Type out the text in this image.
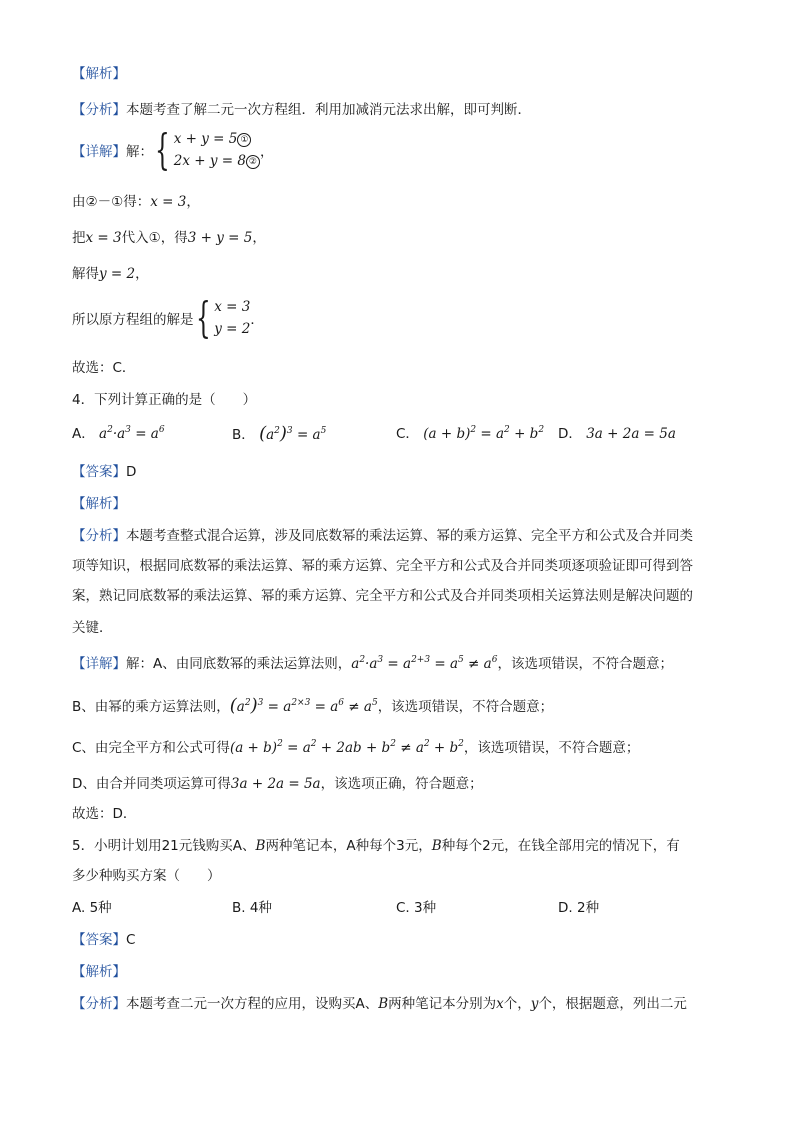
【解析】
【分析】本题考查了解二元一次方程组．利用加减消元法求出解，即可判断．
【详解】 解： { x + y = 5 ①
2x + y = 8 ②
，
由②－①得：x = 3，
把x = 3代入①，得3 + y = 5，
解得y = 2，
所以原方程组的解是 { x = 3
y = 2
．
故选：C．
4．下列计算正确的是（　　）
A． $a^2\cdot a^3 = a^6$	B． $(a^2)^3 = a^5$	C． $(a + b)^2 = a^2 + b^2$ D． 3a + 2a = 5a
【答案】D
【解析】
【分析】本题考查整式混合运算，涉及同底数幂的乘法运算、幂的乘方运算、完全平方和公式及合并同类
项等知识，根据同底数幂的乘法运算、幂的乘方运算、完全平方和公式及合并同类项逐项验证即可得到答
案，熟记同底数幂的乘法运算、幂的乘方运算、完全平方和公式及合并同类项相关运算法则是解决问题的
关键．
【详解】解：A、由同底数幂的乘法运算法则，$a^2\cdot a^3 = a^{2+3} = a^5 \ne a^6$，该选项错误，不符合题意；
B、由幂的乘方运算法则，$(a^2)^3 = a^{2\times 3} = a^6 \ne a^5$，该选项错误，不符合题意；
C、由完全平方和公式可得$(a + b)^2 = a^2 + 2ab + b^2 \ne a^2 + b^2$，该选项错误，不符合题意；
D、由合并同类项运算可得3a + 2a = 5a，该选项正确，符合题意；
故选：D．
5．小明计划用21元钱购买A、B两种笔记本，A种每个3元，B种每个2元，在钱全部用完的情况下，有
多少种购买方案（　　）
A. 5种	B. 4种	C. 3种	D. 2种
【答案】C
【解析】
【分析】本题考查二元一次方程的应用，设购买A、B两种笔记本分别为x个，y个，根据题意，列出二元
